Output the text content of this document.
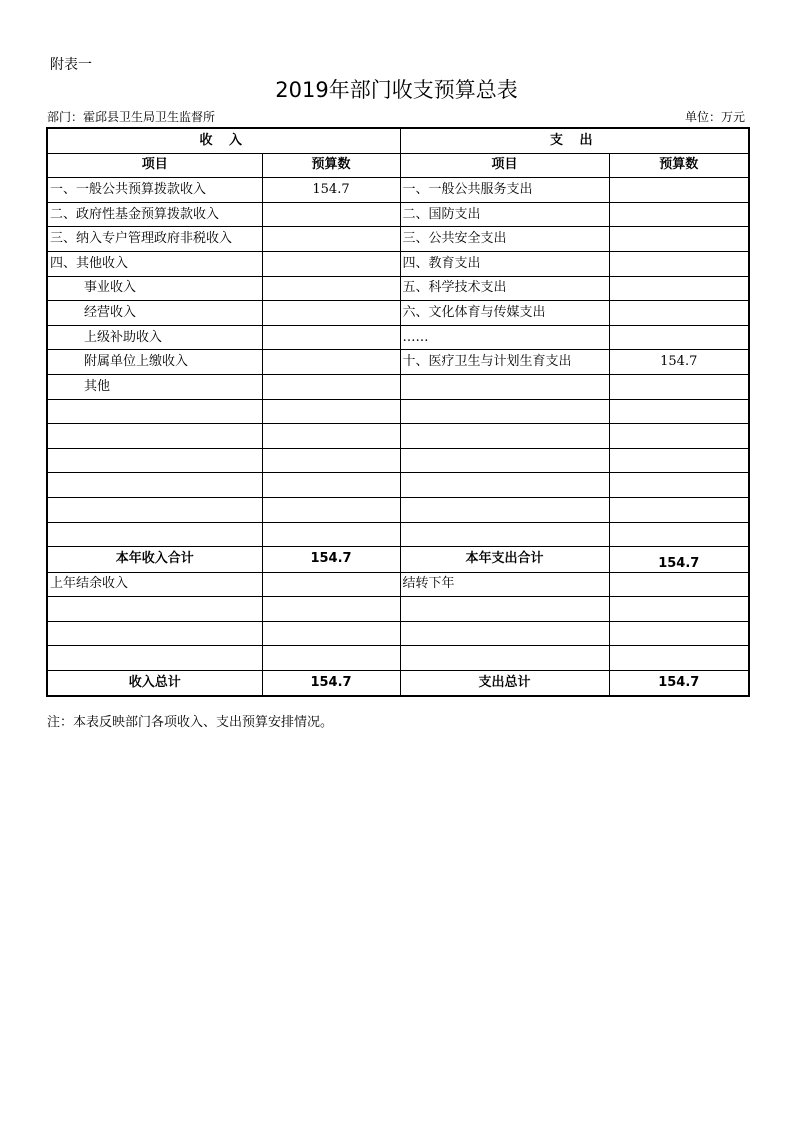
附表一
2019年部门收支预算总表
部门：霍邱县卫生局卫生监督所	单位：万元
收 入		支 出	
项目	预算数	项目	预算数
一、一般公共预算拨款收入	154.7	一、一般公共服务支出	
二、政府性基金预算拨款收入		二、国防支出	
三、纳入专户管理政府非税收入		三、公共安全支出	
四、其他收入		四、教育支出	
事业收入		五、科学技术支出	
经营收入		六、文化体育与传媒支出	
上级补助收入		……	
附属单位上缴收入		十、医疗卫生与计划生育支出	154.7
其他			

本年收入合计	154.7	本年支出合计	154.7
上年结余收入		结转下年	

收入总计	154.7	支出总计	154.7
注：本表反映部门各项收入、支出预算安排情况。
